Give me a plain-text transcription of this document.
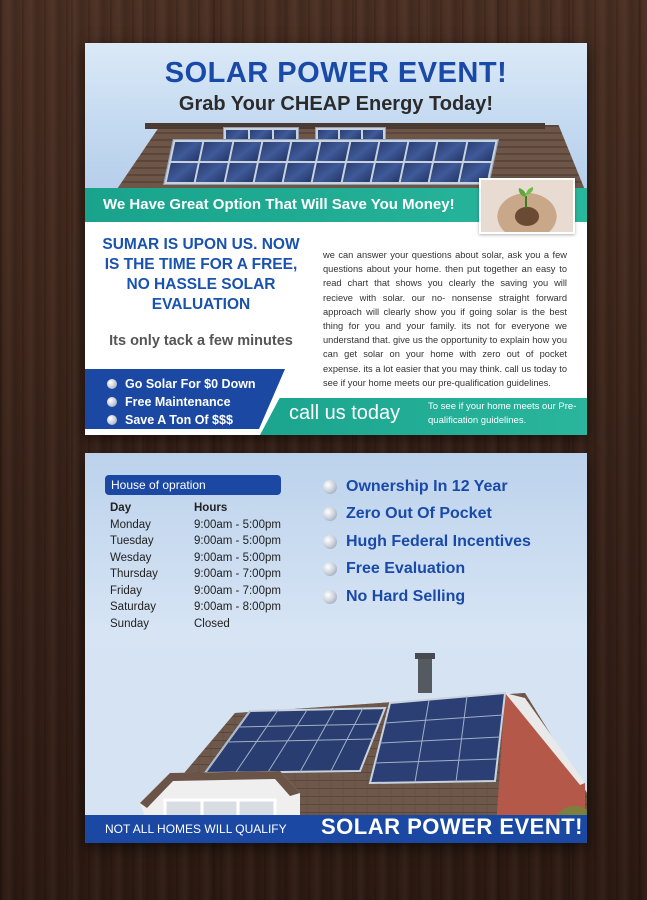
SOLAR POWER EVENT!
Grab Your CHEAP Energy Today!
We Have Great Option That Will Save You Money!
SUMAR IS UPON US. NOW IS THE TIME FOR A FREE, NO HASSLE SOLAR EVALUATION
Its only tack a few minutes
we can answer your questions about solar, ask you a few questions about your home. then put together an easy to read chart that shows you clearly the saving you will recieve with solar. our no- nonsense straight forward approach will clearly show you if going solar is the best thing for you and your family. its not for everyone we understand that. give us the opportunity to explain how you can get solar on your home with zero out of pocket expense. its a lot easier that you may think. call us today to see if your home meets our pre-qualification guidelines.
Go Solar For $0 Down
Free Maintenance
Save A Ton Of $$$	call us today	To see if your home meets our Pre-qualification guidelines.
House of opration
Day	Hours
Monday	9:00am - 5:00pm
Tuesday	9:00am - 5:00pm
Wesday	9:00am - 5:00pm
Thursday	9:00am - 7:00pm
Friday	9:00am - 7:00pm
Saturday	9:00am - 8:00pm
Sunday	Closed
Ownership In 12 Year
Zero Out Of Pocket
Hugh Federal Incentives
Free Evaluation
No Hard Selling
NOT ALL HOMES WILL QUALIFY SOLAR POWER EVENT!
